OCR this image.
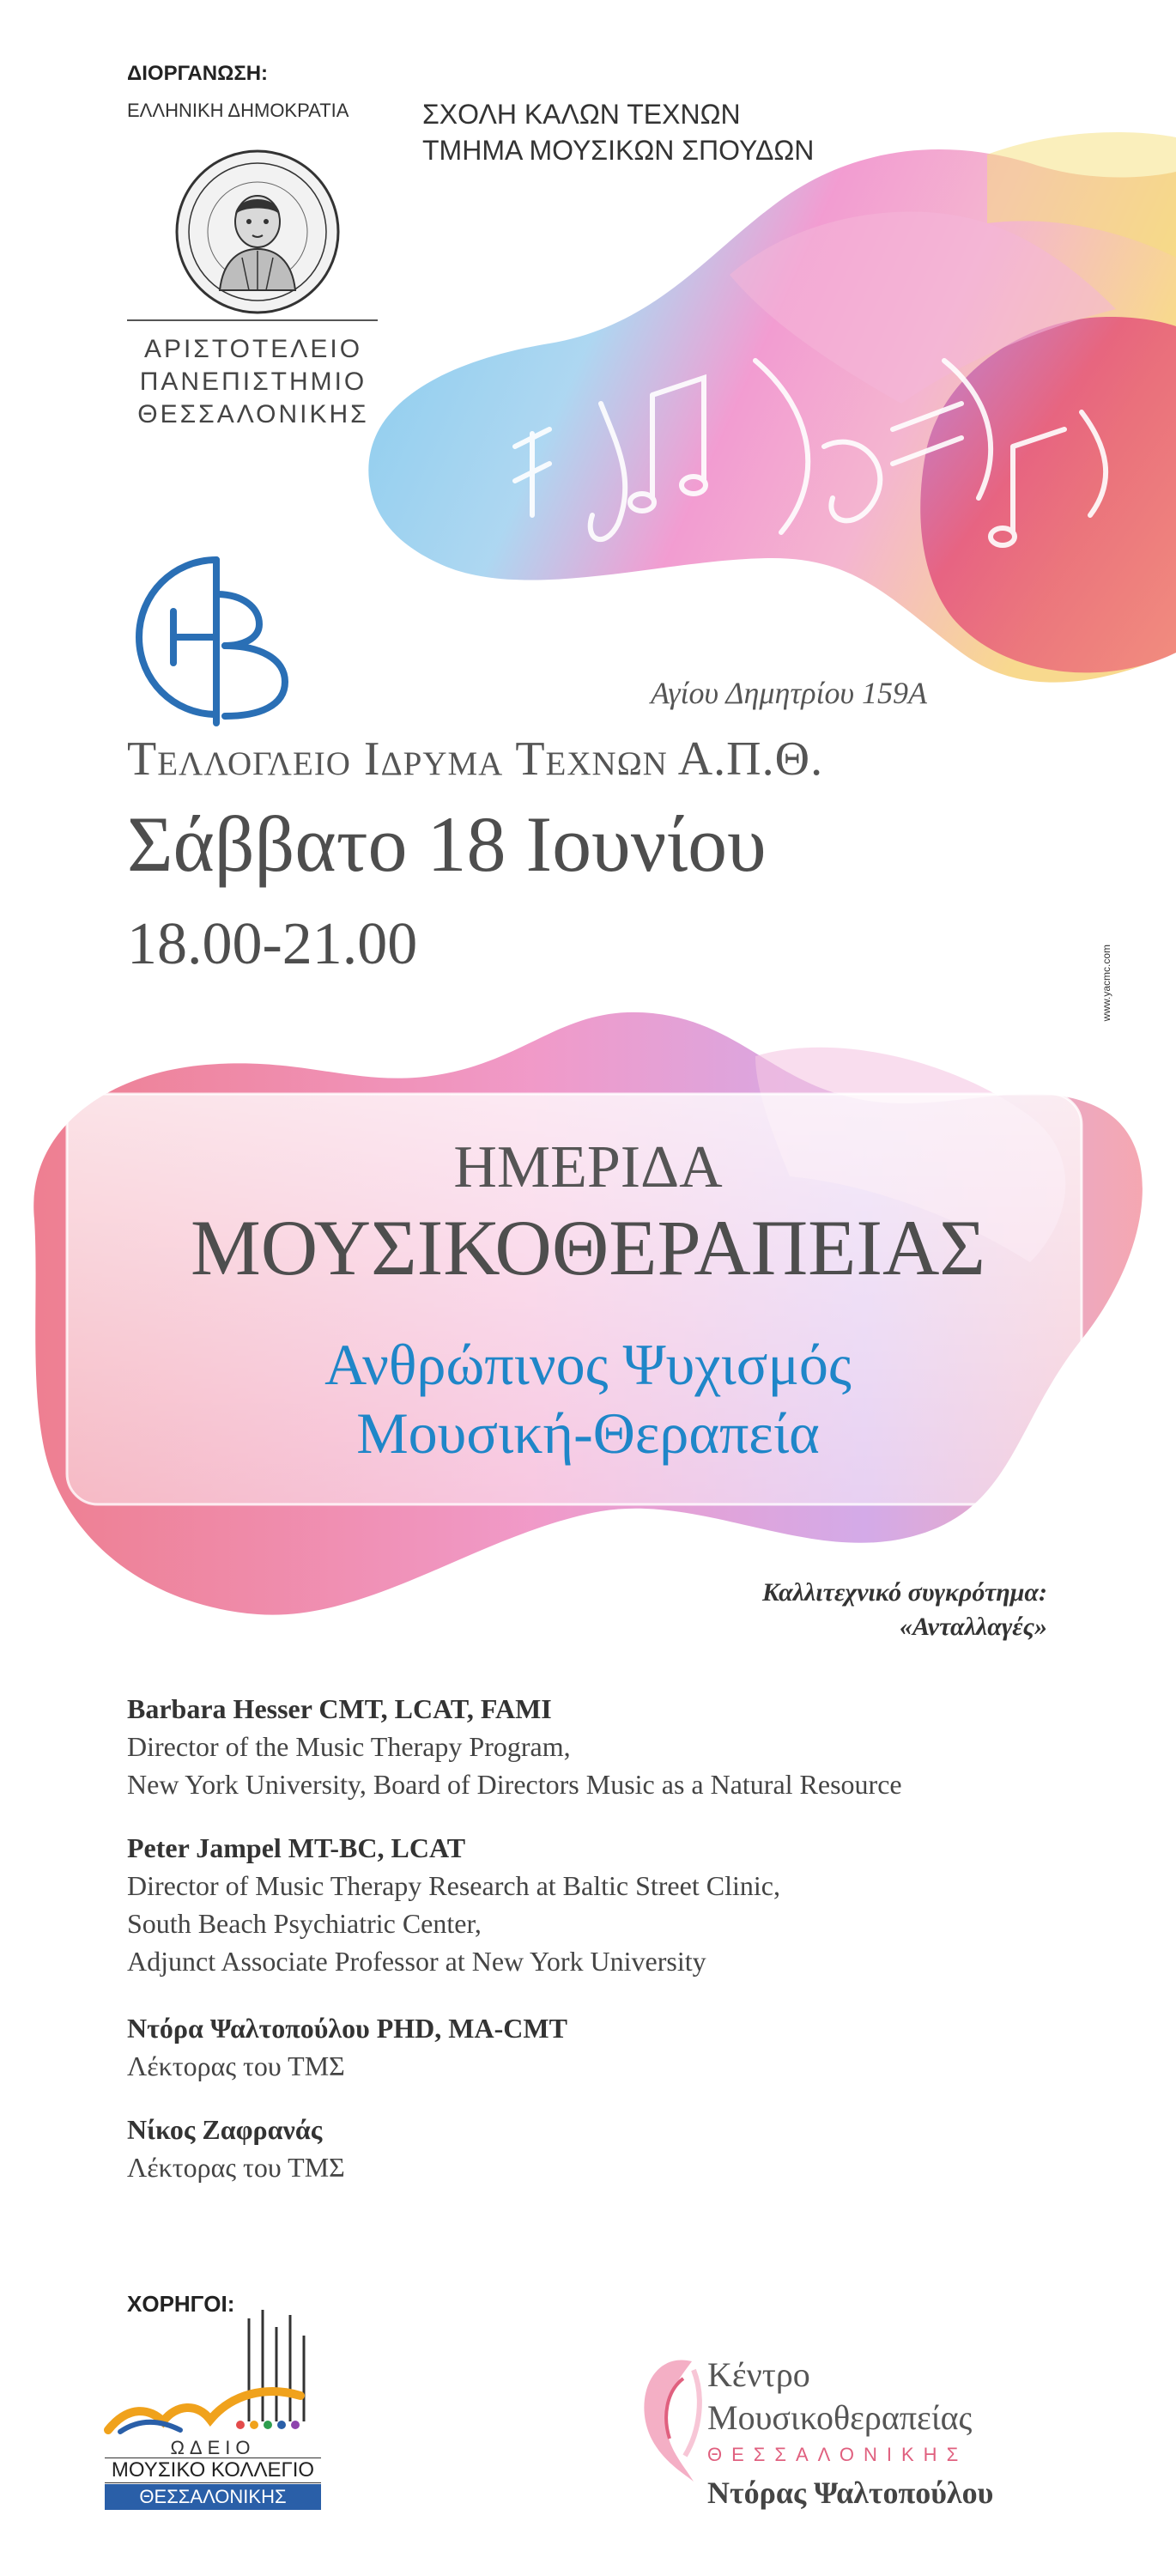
ΔΙΟΡΓΑΝΩΣΗ:
ΕΛΛΗΝΙΚΗ ΔΗΜΟΚΡΑΤΙΑ	ΣΧΟΛΗ ΚΑΛΩΝ ΤΕΧΝΩΝ
ΤΜΗΜΑ ΜΟΥΣΙΚΩΝ ΣΠΟΥΔΩΝ
ΑΡΙΣΤΟΤΕΛΕΙΟ
ΠΑΝΕΠΙΣΤΗΜΙΟ
ΘΕΣΣΑΛΟΝΙΚΗΣ
Αγίου Δημητρίου 159Α
Τελλογλειο Ιδρυμα Τεχνων Α.Π.Θ.
Σάββατο 18 Ιουνίου
18.00-21.00
www.yacmc.com
ΗΜΕΡΙΔΑ
ΜΟΥΣΙΚΟΘΕΡΑΠΕΙΑΣ
Ανθρώπινος Ψυχισμός
Μουσική-Θεραπεία
Καλλιτεχνικό συγκρότημα:
«Ανταλλαγές»
Barbara Hesser CMT, LCAT, FAMI
Director of the Music Therapy Program,
New York University, Board of Directors Music as a Natural Resource
Peter Jampel MT-BC, LCAT
Director of Music Therapy Research at Baltic Street Clinic,
South Beach Psychiatric Center,
Adjunct Associate Professor at New York University
Ντόρα Ψαλτοπούλου PHD, MA-CMT
Λέκτορας του ΤΜΣ
Νίκος Ζαφρανάς
Λέκτορας του ΤΜΣ
ΧΟΡΗΓΟΙ:
ΩΔΕΙΟ
ΜΟΥΣΙΚΟ ΚΟΛΛΕΓΙΟ
ΘΕΣΣΑΛΟΝΙΚΗΣ
Κέντρο
Μουσικοθεραπείας
ΘΕΣΣΑΛΟΝΙΚΗΣ
Ντόρας Ψαλτοπούλου
